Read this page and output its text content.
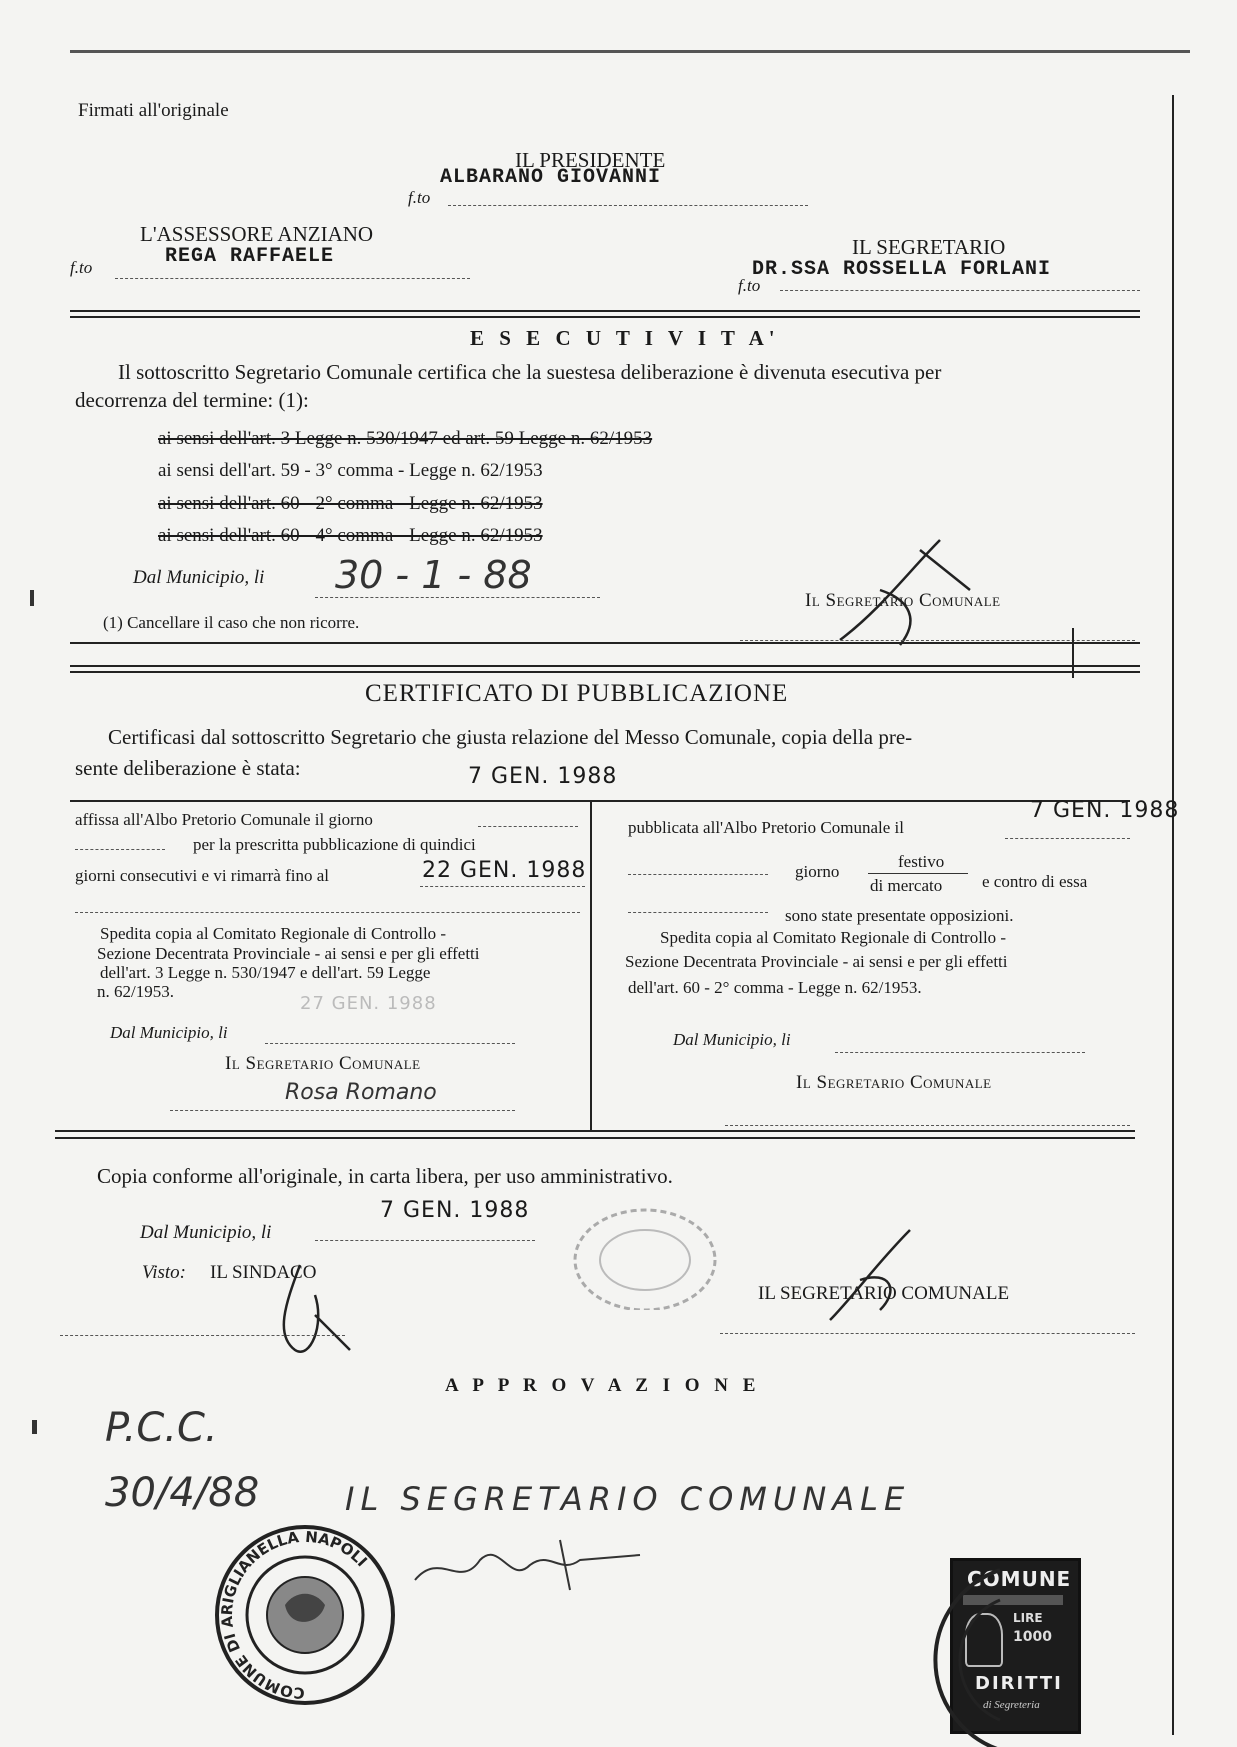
Firmati all'originale
IL PRESIDENTE
ALBARANO GIOVANNI
f.to
L'ASSESSORE ANZIANO
REGA RAFFAELE
f.to
IL SEGRETARIO
DR.SSA ROSSELLA FORLANI
f.to
E S E C U T I V I T A'
Il sottoscritto Segretario Comunale certifica che la suestesa deliberazione è divenuta esecutiva per
decorrenza del termine: (1):
ai sensi dell'art. 3 Legge n. 530/1947 ed art. 59 Legge n. 62/1953
ai sensi dell'art. 59 - 3° comma - Legge n. 62/1953
ai sensi dell'art. 60 - 2° comma - Legge n. 62/1953
ai sensi dell'art. 60 - 4° comma - Legge n. 62/1953
Dal Municipio, li 30 - 1 - 88
Il Segretario Comunale
(1) Cancellare il caso che non ricorre.
CERTIFICATO DI PUBBLICAZIONE
Certificasi dal sottoscritto Segretario che giusta relazione del Messo Comunale, copia della pre-
sente deliberazione è stata:	7 GEN. 1988
affissa all'Albo Pretorio Comunale il giorno
per la prescritta pubblicazione di quindici
giorni consecutivi e vi rimarrà fino al	22 GEN. 1988
Spedita copia al Comitato Regionale di Controllo -
Sezione Decentrata Provinciale - ai sensi e per gli effetti
dell'art. 3 Legge n. 530/1947 e dell'art. 59 Legge
n. 62/1953.
Dal Municipio, li
27 GEN. 1988
Il Segretario Comunale
Rosa Romano
pubblicata all'Albo Pretorio Comunale il
7 GEN. 1988
giorno
festivo
di mercato e contro di essa
sono state presentate opposizioni.
Spedita copia al Comitato Regionale di Controllo -
Sezione Decentrata Provinciale - ai sensi e per gli effetti
dell'art. 60 - 2° comma - Legge n. 62/1953.
Dal Municipio, li
Il Segretario Comunale
Copia conforme all'originale, in carta libera, per uso amministrativo.
7 GEN. 1988
Dal Municipio, li
Visto: IL SINDACO
IL SEGRETARIO COMUNALE
A P P R O V A Z I O N E
P.C.C.
30/4/88	IL SEGRETARIO COMUNALE
COMUNE DI ARIGLIANELLA NAPOLI
COMUNE
LIRE
1000
DIRITTI
di Segreteria
